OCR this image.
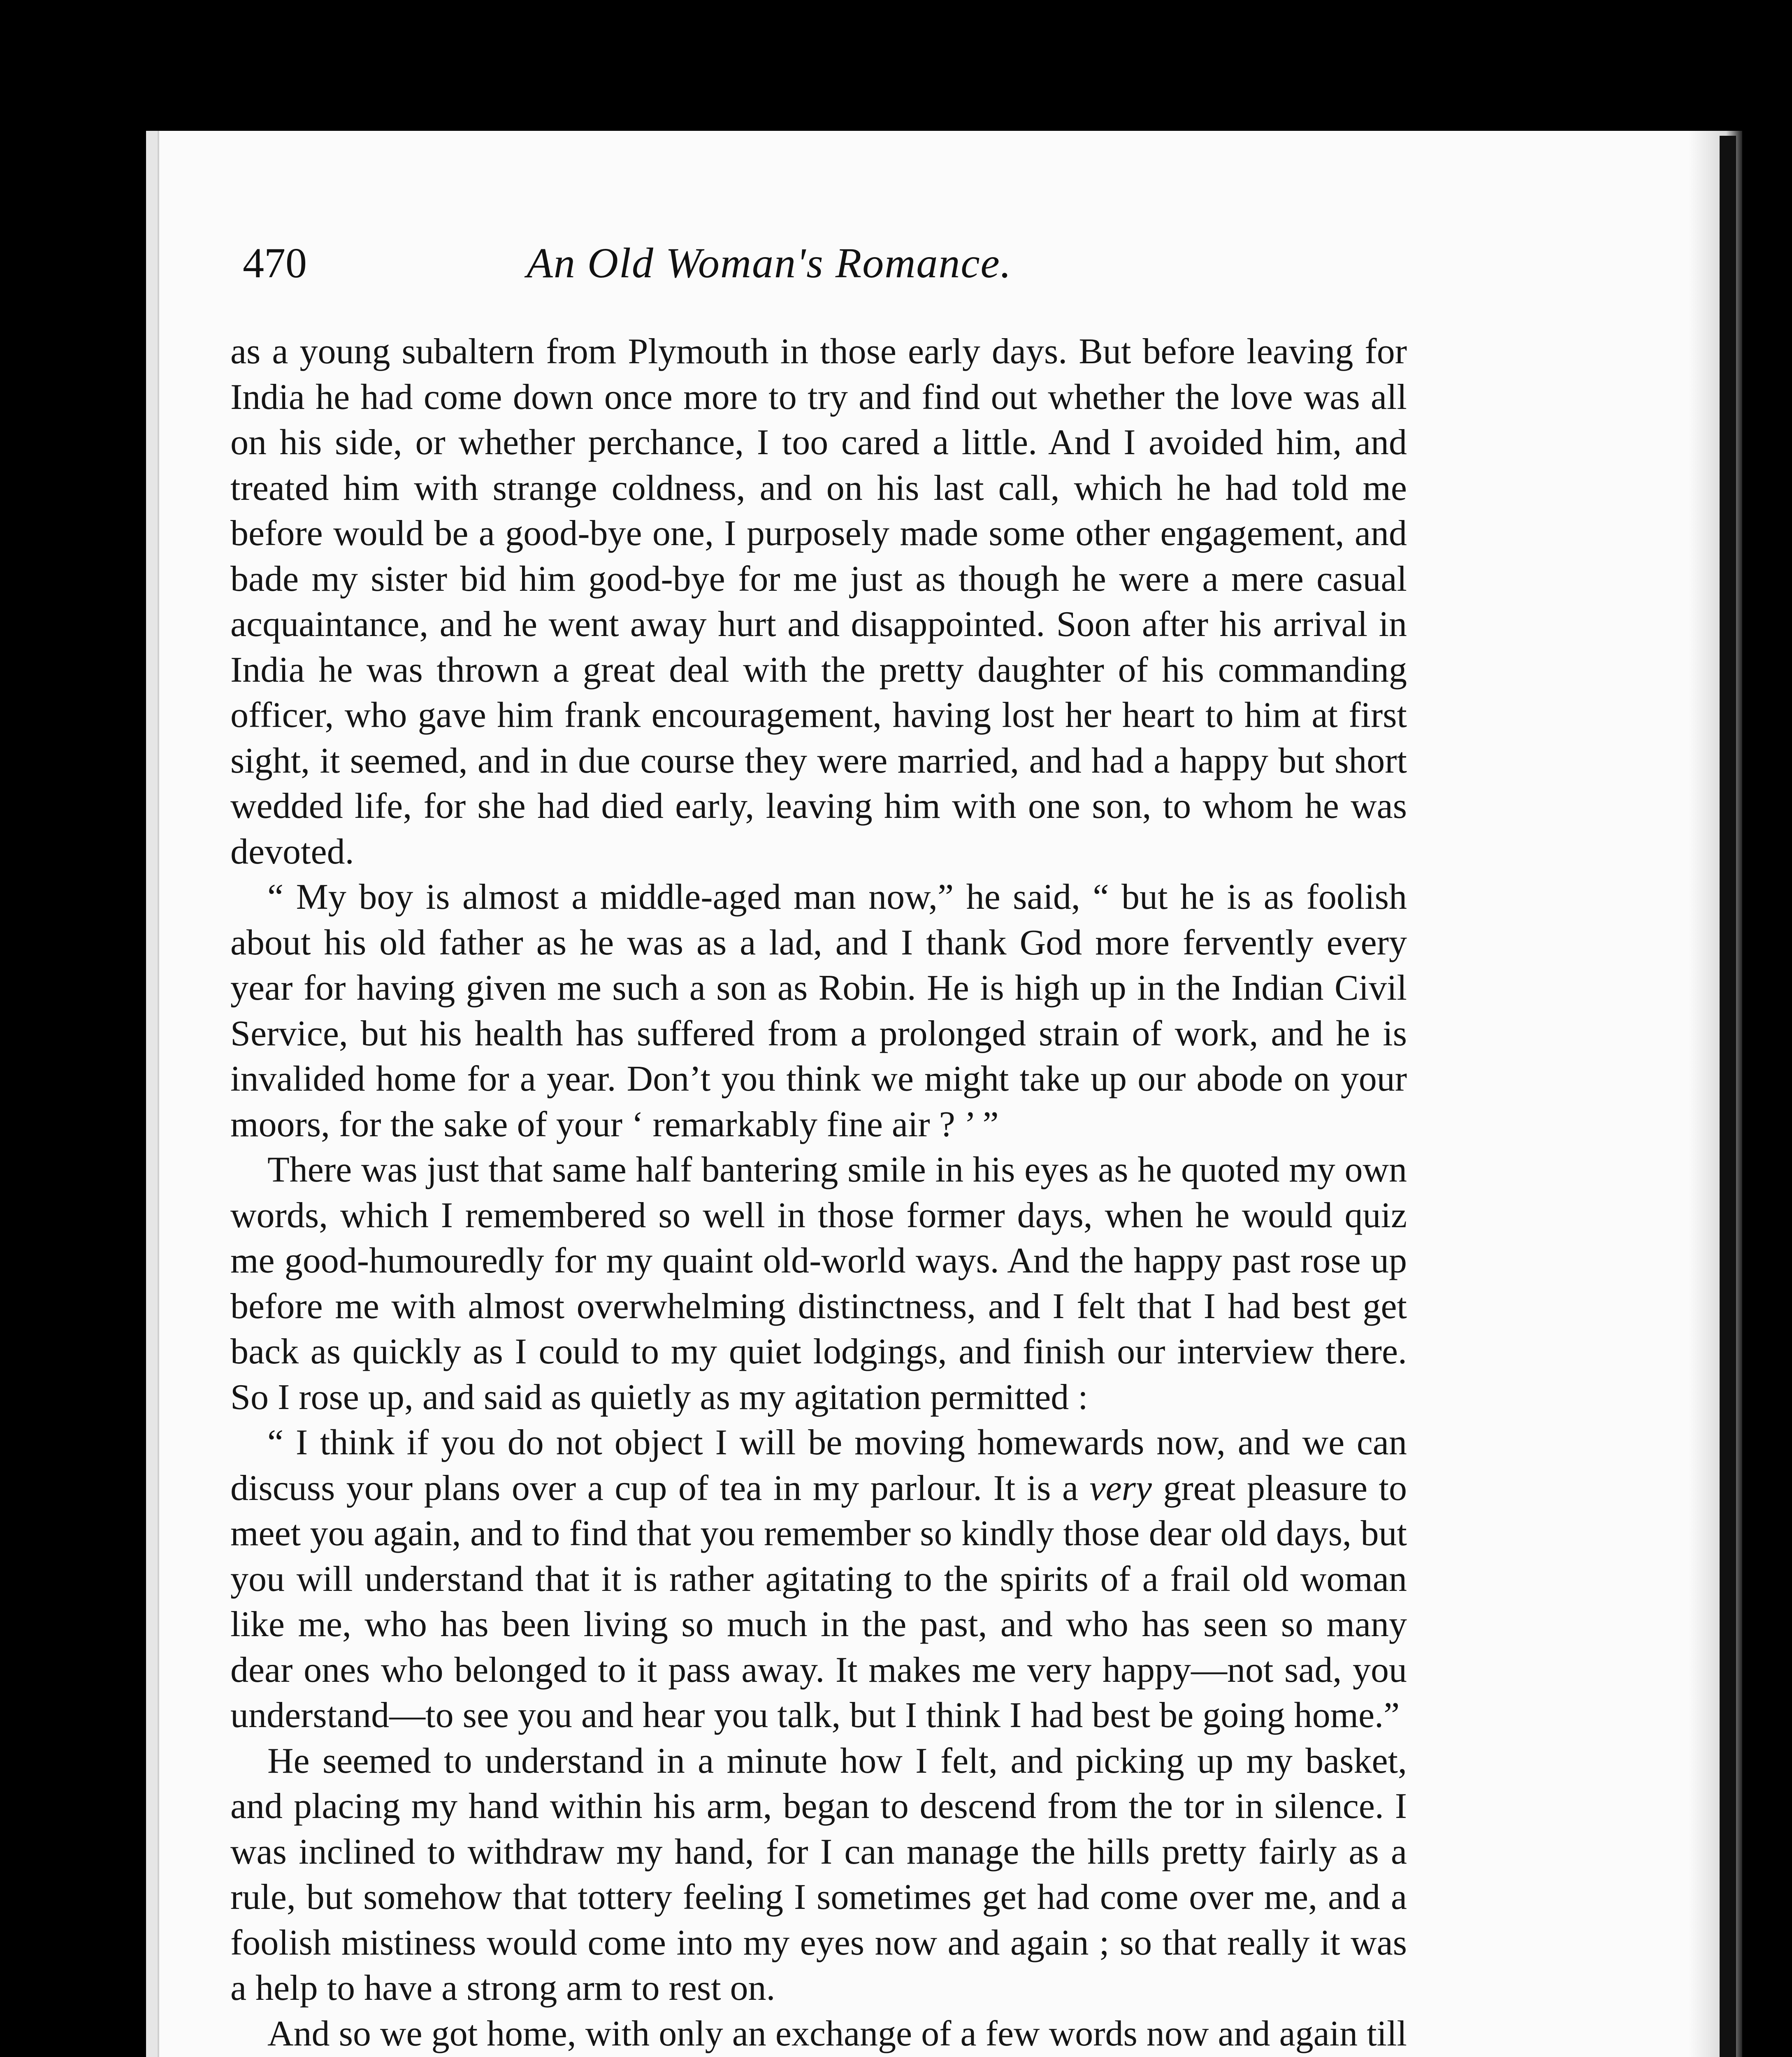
470	An Old Woman's Romance.

as a young subaltern from Plymouth in those early days. But before leaving for India he had come down once more to try and find out whether the love was all on his side, or whether perchance, I too cared a little. And I avoided him, and treated him with strange coldness, and on his last call, which he had told me before would be a good-bye one, I purposely made some other engagement, and bade my sister bid him good-bye for me just as though he were a mere casual acquaintance, and he went away hurt and disappointed. Soon after his arrival in India he was thrown a great deal with the pretty daughter of his commanding officer, who gave him frank encouragement, having lost her heart to him at first sight, it seemed, and in due course they were married, and had a happy but short wedded life, for she had died early, leaving him with one son, to whom he was devoted.

“ My boy is almost a middle-aged man now,” he said, “ but he is as foolish about his old father as he was as a lad, and I thank God more fervently every year for having given me such a son as Robin. He is high up in the Indian Civil Service, but his health has suffered from a prolonged strain of work, and he is invalided home for a year. Don’t you think we might take up our abode on your moors, for the sake of your ‘ remarkably fine air ? ’ ”

There was just that same half bantering smile in his eyes as he quoted my own words, which I remembered so well in those former days, when he would quiz me good-humouredly for my quaint old-world ways. And the happy past rose up before me with almost overwhelming distinctness, and I felt that I had best get back as quickly as I could to my quiet lodgings, and finish our interview there. So I rose up, and said as quietly as my agitation permitted :

“ I think if you do not object I will be moving homewards now, and we can discuss your plans over a cup of tea in my parlour. It is a very great pleasure to meet you again, and to find that you remember so kindly those dear old days, but you will understand that it is rather agitating to the spirits of a frail old woman like me, who has been living so much in the past, and who has seen so many dear ones who belonged to it pass away. It makes me very happy—not sad, you understand—to see you and hear you talk, but I think I had best be going home.”

He seemed to understand in a minute how I felt, and picking up my basket, and placing my hand within his arm, began to descend from the tor in silence. I was inclined to withdraw my hand, for I can manage the hills pretty fairly as a rule, but somehow that tottery feeling I sometimes get had come over me, and a foolish mistiness would come into my eyes now and again ; so that really it was a help to have a strong arm to rest on.

And so we got home, with only an exchange of a few words now and again till
